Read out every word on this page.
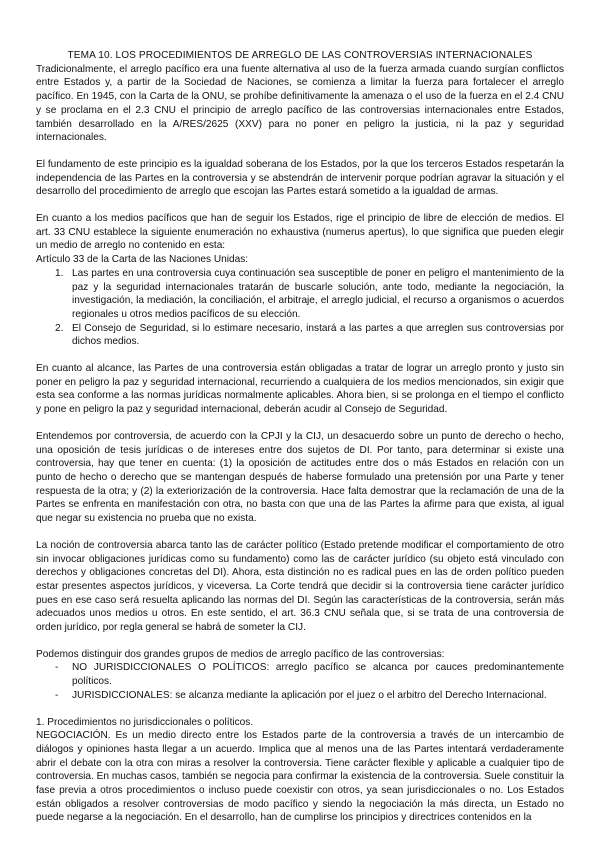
TEMA 10. LOS PROCEDIMIENTOS DE ARREGLO DE LAS CONTROVERSIAS INTERNACIONALES

Tradicionalmente, el arreglo pacífico era una fuente alternativa al uso de la fuerza armada cuando surgían conflictos entre Estados y, a partir de la Sociedad de Naciones, se comienza a limitar la fuerza para fortalecer el arreglo pacífico. En 1945, con la Carta de la ONU, se prohíbe definitivamente la amenaza o el uso de la fuerza en el 2.4 CNU y se proclama en el 2.3 CNU el principio de arreglo pacífico de las controversias internacionales entre Estados, también desarrollado en la A/RES/2625 (XXV) para no poner en peligro la justicia, ni la paz y seguridad internacionales.

El fundamento de este principio es la igualdad soberana de los Estados, por la que los terceros Estados respetarán la independencia de las Partes en la controversia y se abstendrán de intervenir porque podrían agravar la situación y el desarrollo del procedimiento de arreglo que escojan las Partes estará sometido a la igualdad de armas.

En cuanto a los medios pacíficos que han de seguir los Estados, rige el principio de libre de elección de medios. El art. 33 CNU establece la siguiente enumeración no exhaustiva (numerus apertus), lo que significa que pueden elegir un medio de arreglo no contenido en esta:

Artículo 33 de la Carta de las Naciones Unidas:

1. Las partes en una controversia cuya continuación sea susceptible de poner en peligro el mantenimiento de la paz y la seguridad internacionales tratarán de buscarle solución, ante todo, mediante la negociación, la investigación, la mediación, la conciliación, el arbitraje, el arreglo judicial, el recurso a organismos o acuerdos regionales u otros medios pacíficos de su elección.
2. El Consejo de Seguridad, si lo estimare necesario, instará a las partes a que arreglen sus controversias por dichos medios.

En cuanto al alcance, las Partes de una controversia están obligadas a tratar de lograr un arreglo pronto y justo sin poner en peligro la paz y seguridad internacional, recurriendo a cualquiera de los medios mencionados, sin exigir que esta sea conforme a las normas jurídicas normalmente aplicables. Ahora bien, si se prolonga en el tiempo el conflicto y pone en peligro la paz y seguridad internacional, deberán acudir al Consejo de Seguridad.

Entendemos por controversia, de acuerdo con la CPJI y la CIJ, un desacuerdo sobre un punto de derecho o hecho, una oposición de tesis jurídicas o de intereses entre dos sujetos de DI. Por tanto, para determinar si existe una controversia, hay que tener en cuenta: (1) la oposición de actitudes entre dos o más Estados en relación con un punto de hecho o derecho que se mantengan después de haberse formulado una pretensión por una Parte y tener respuesta de la otra; y (2) la exteriorización de la controversia. Hace falta demostrar que la reclamación de una de la Partes se enfrenta en manifestación con otra, no basta con que una de las Partes la afirme para que exista, al igual que negar su existencia no prueba que no exista.

La noción de controversia abarca tanto las de carácter político (Estado pretende modificar el comportamiento de otro sin invocar obligaciones jurídicas como su fundamento) como las de carácter jurídico (su objeto está vinculado con derechos y obligaciones concretas del DI). Ahora, esta distinción no es radical pues en las de orden político pueden estar presentes aspectos jurídicos, y viceversa. La Corte tendrá que decidir si la controversia tiene carácter jurídico pues en ese caso será resuelta aplicando las normas del DI. Según las características de la controversia, serán más adecuados unos medios u otros. En este sentido, el art. 36.3 CNU señala que, si se trata de una controversia de orden jurídico, por regla general se habrá de someter la CIJ.

Podemos distinguir dos grandes grupos de medios de arreglo pacífico de las controversias:

- NO JURISDICCIONALES O POLÍTICOS: arreglo pacífico se alcanca por cauces predominantemente políticos.
- JURISDICCIONALES: se alcanza mediante la aplicación por el juez o el arbitro del Derecho Internacional.

1. Procedimientos no jurisdiccionales o políticos.

NEGOCIACIÓN. Es un medio directo entre los Estados parte de la controversia a través de un intercambio de diálogos y opiniones hasta llegar a un acuerdo. Implica que al menos una de las Partes intentará verdaderamente abrir el debate con la otra con miras a resolver la controversia. Tiene carácter flexible y aplicable a cualquier tipo de controversia. En muchas casos, también se negocia para confirmar la existencia de la controversia. Suele constituir la fase previa a otros procedimientos o incluso puede coexistir con otros, ya sean jurisdiccionales o no. Los Estados están obligados a resolver controversias de modo pacífico y siendo la negociación la más directa, un Estado no puede negarse a la negociación. En el desarrollo, han de cumplirse los principios y directrices contenidos en la
